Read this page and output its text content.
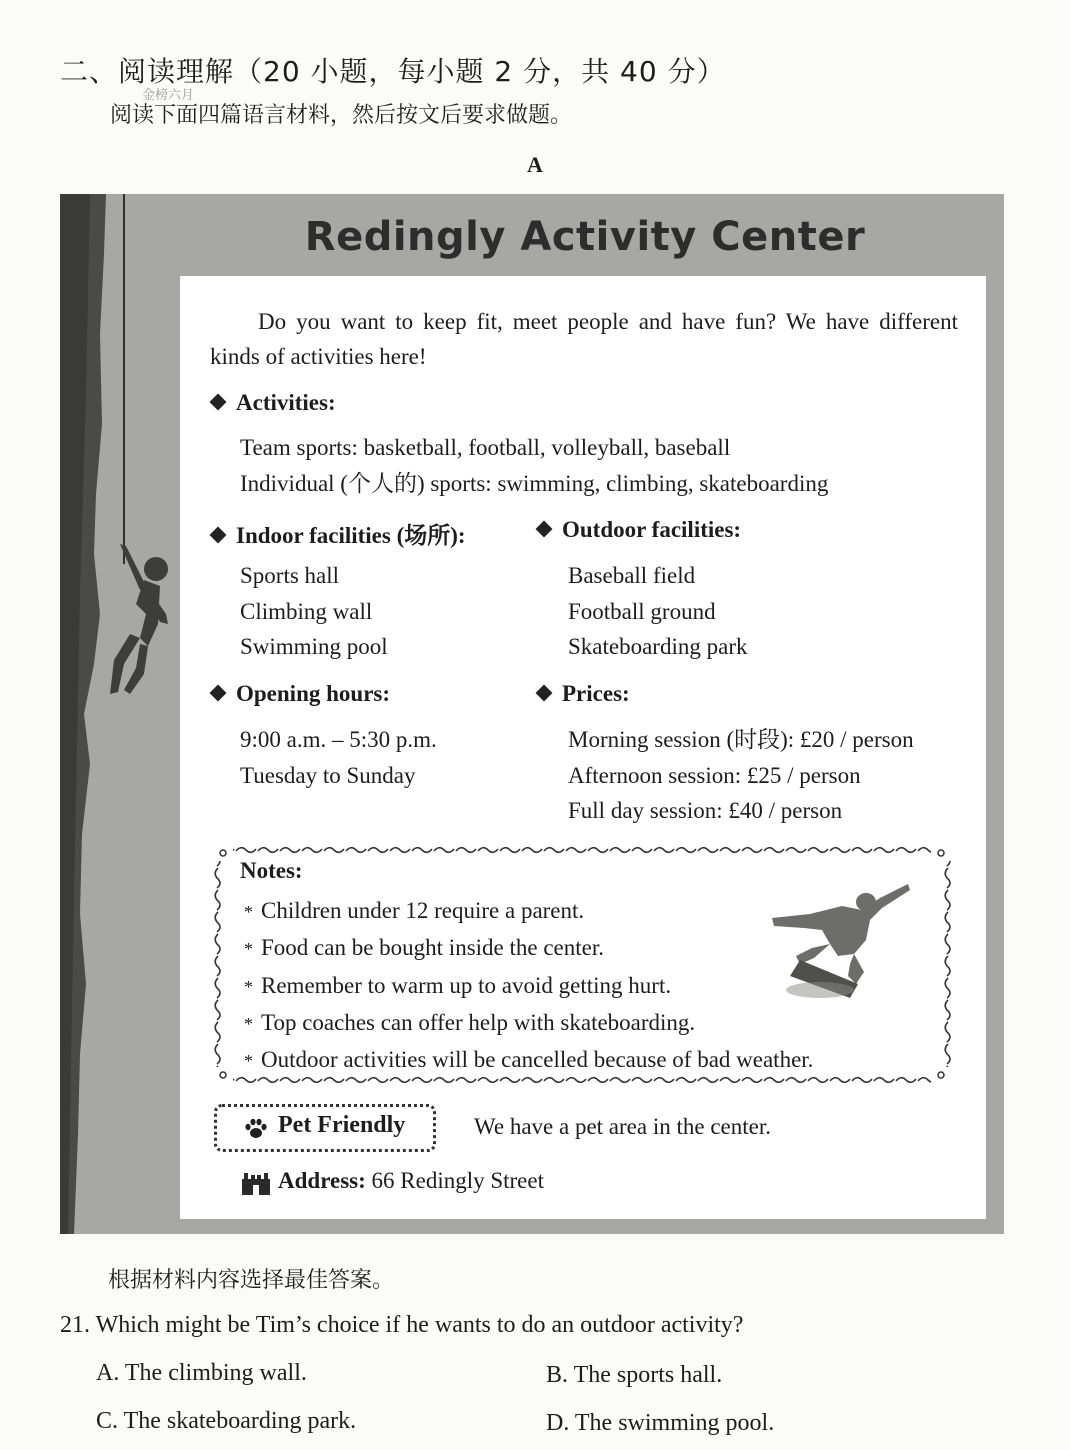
二、阅读理解（20 小题，每小题 2 分，共 40 分）
金榜六月
阅读下面四篇语言材料，然后按文后要求做题。
A
Redingly Activity Center
Do you want to keep fit, meet people and have fun? We have different kinds of activities here!
Activities:
Team sports: basketball, football, volleyball, baseball
Individual (个人的) sports: swimming, climbing, skateboarding
Indoor facilities (场所):
Sports hall
Climbing wall
Swimming pool
Outdoor facilities:
Baseball field
Football ground
Skateboarding park
Opening hours:
9:00 a.m. – 5:30 p.m.
Tuesday to Sunday
Prices:
Morning session (时段): £20 / person
Afternoon session: £25 / person
Full day session: £40 / person
Notes:
* Children under 12 require a parent.
* Food can be bought inside the center.
* Remember to warm up to avoid getting hurt.
* Top coaches can offer help with skateboarding.
* Outdoor activities will be cancelled because of bad weather.
Pet Friendly	We have a pet area in the center.
Address: 66 Redingly Street
根据材料内容选择最佳答案。
21. Which might be Tim’s choice if he wants to do an outdoor activity?
A. The climbing wall.	B. The sports hall.
C. The skateboarding park.	D. The swimming pool.
